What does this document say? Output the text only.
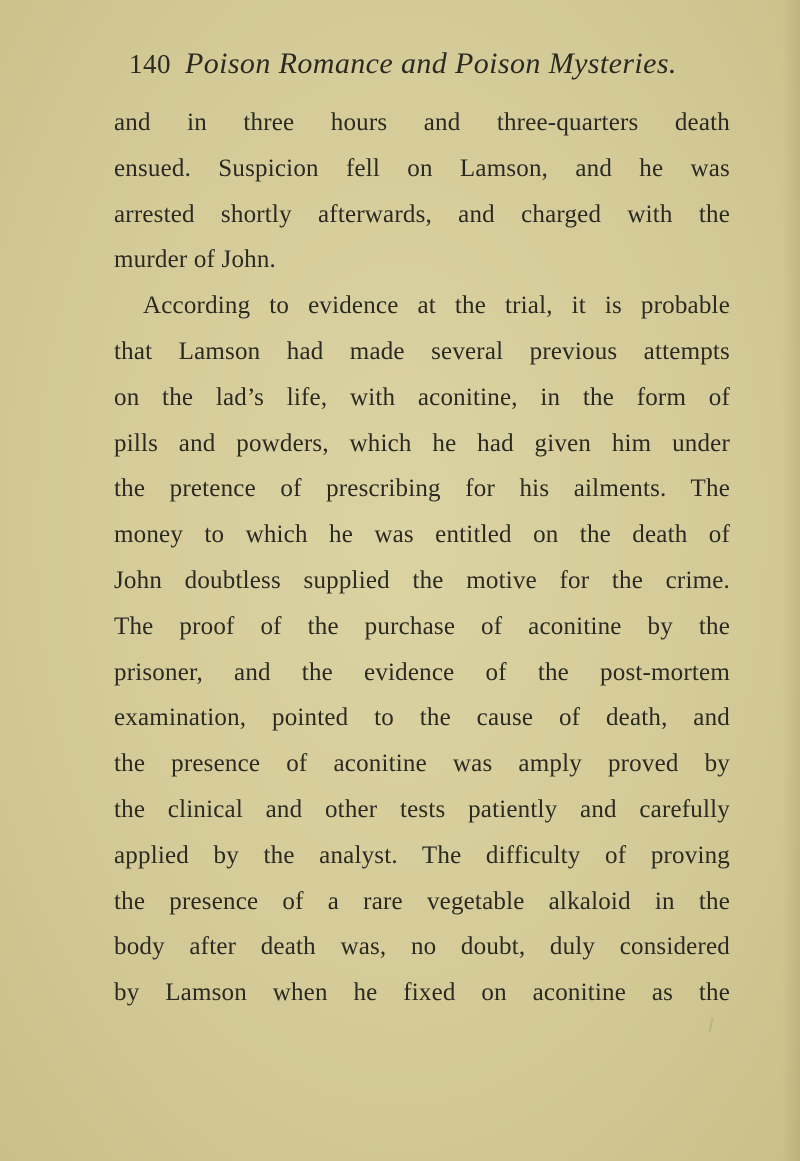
140 Poison Romance and Poison Mysteries.
and in three hours and three-quarters death
ensued. Suspicion fell on Lamson, and he was
arrested shortly afterwards, and charged with the
murder of John.
According to evidence at the trial, it is probable
that Lamson had made several previous attempts
on the lad’s life, with aconitine, in the form of
pills and powders, which he had given him under
the pretence of prescribing for his ailments. The
money to which he was entitled on the death of
John doubtless supplied the motive for the crime.
The proof of the purchase of aconitine by the
prisoner, and the evidence of the post-mortem
examination, pointed to the cause of death, and
the presence of aconitine was amply proved by
the clinical and other tests patiently and carefully
applied by the analyst. The difficulty of proving
the presence of a rare vegetable alkaloid in the
body after death was, no doubt, duly considered
by Lamson when he fixed on aconitine as the
